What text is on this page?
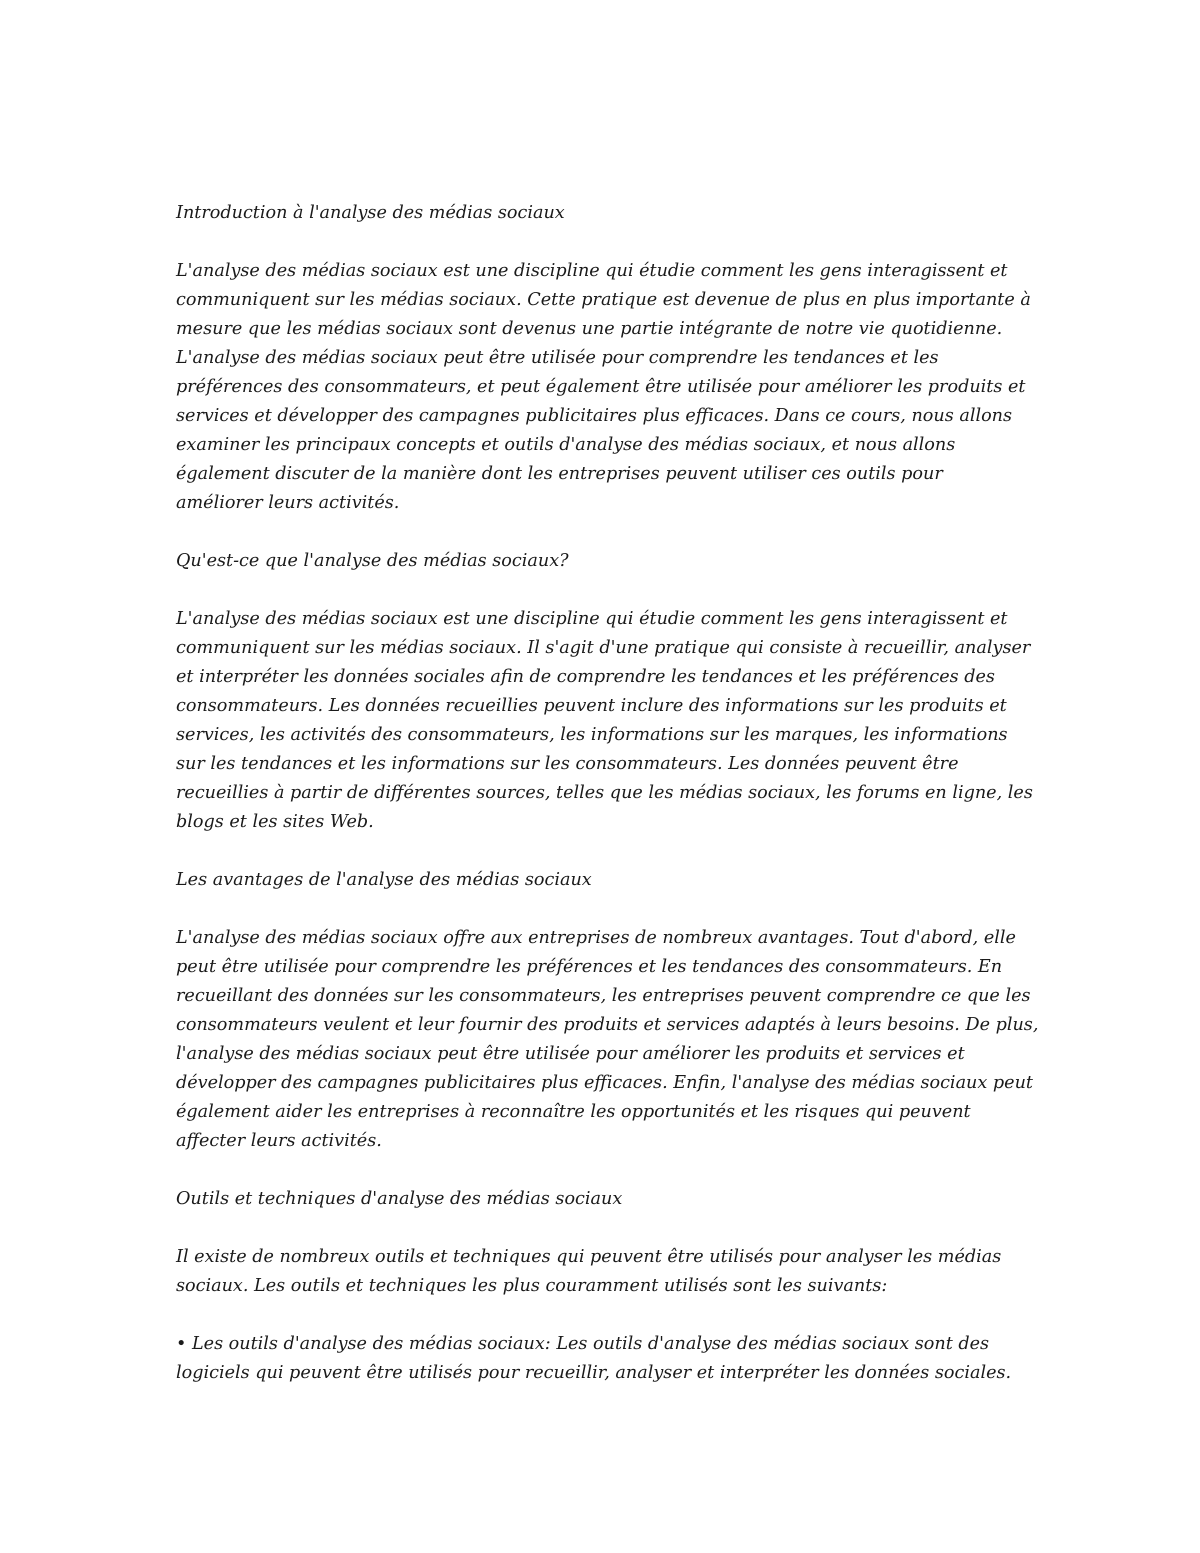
Introduction à l'analyse des médias sociaux

L'analyse des médias sociaux est une discipline qui étudie comment les gens interagissent et
communiquent sur les médias sociaux. Cette pratique est devenue de plus en plus importante à
mesure que les médias sociaux sont devenus une partie intégrante de notre vie quotidienne.
L'analyse des médias sociaux peut être utilisée pour comprendre les tendances et les
préférences des consommateurs, et peut également être utilisée pour améliorer les produits et
services et développer des campagnes publicitaires plus efficaces. Dans ce cours, nous allons
examiner les principaux concepts et outils d'analyse des médias sociaux, et nous allons
également discuter de la manière dont les entreprises peuvent utiliser ces outils pour
améliorer leurs activités.

Qu'est-ce que l'analyse des médias sociaux?

L'analyse des médias sociaux est une discipline qui étudie comment les gens interagissent et
communiquent sur les médias sociaux. Il s'agit d'une pratique qui consiste à recueillir, analyser
et interpréter les données sociales afin de comprendre les tendances et les préférences des
consommateurs. Les données recueillies peuvent inclure des informations sur les produits et
services, les activités des consommateurs, les informations sur les marques, les informations
sur les tendances et les informations sur les consommateurs. Les données peuvent être
recueillies à partir de différentes sources, telles que les médias sociaux, les forums en ligne, les
blogs et les sites Web.

Les avantages de l'analyse des médias sociaux

L'analyse des médias sociaux offre aux entreprises de nombreux avantages. Tout d'abord, elle
peut être utilisée pour comprendre les préférences et les tendances des consommateurs. En
recueillant des données sur les consommateurs, les entreprises peuvent comprendre ce que les
consommateurs veulent et leur fournir des produits et services adaptés à leurs besoins. De plus,
l'analyse des médias sociaux peut être utilisée pour améliorer les produits et services et
développer des campagnes publicitaires plus efficaces. Enfin, l'analyse des médias sociaux peut
également aider les entreprises à reconnaître les opportunités et les risques qui peuvent
affecter leurs activités.

Outils et techniques d'analyse des médias sociaux

Il existe de nombreux outils et techniques qui peuvent être utilisés pour analyser les médias
sociaux. Les outils et techniques les plus couramment utilisés sont les suivants:

• Les outils d'analyse des médias sociaux: Les outils d'analyse des médias sociaux sont des
logiciels qui peuvent être utilisés pour recueillir, analyser et interpréter les données sociales.
